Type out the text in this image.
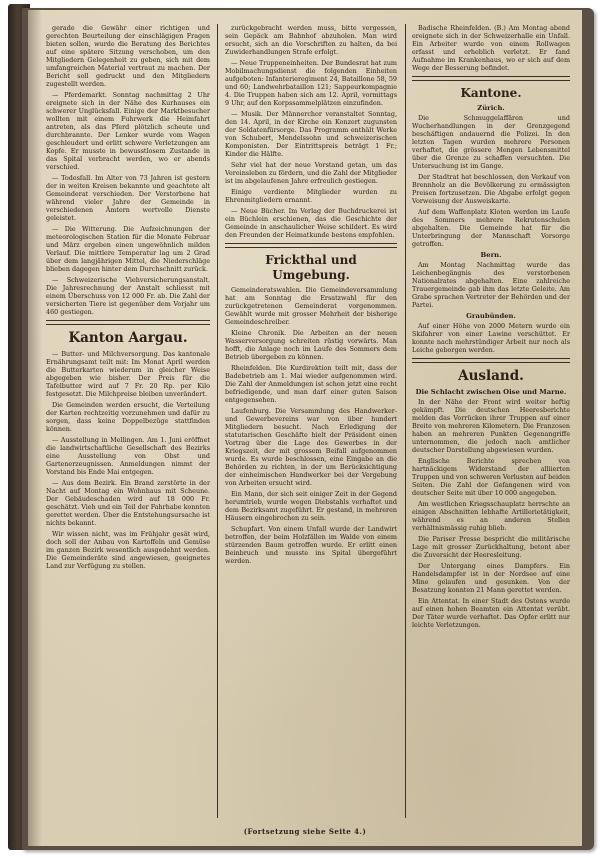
gerade die Gewähr einer richtigen und gerechten Beurteilung der einschlägigen Fragen bieten sollen, wurde die Beratung des Berichtes auf eine spätere Sitzung verschoben, um den Mitgliedern Gelegenheit zu geben, sich mit dem umfangreichen Material vertraut zu machen. Der Bericht soll gedruckt und den Mitgliedern zugestellt werden.

— Pferdemarkt. Sonntag nachmittag 2 Uhr ereignete sich in der Nähe des Kurhauses ein schwerer Unglücksfall. Einige der Marktbesucher wollten mit einem Fuhrwerk die Heimfahrt antreten, als das Pferd plötzlich scheute und durchbrannte. Der Lenker wurde vom Wagen geschleudert und erlitt schwere Verletzungen am Kopfe. Er musste in bewusstlosem Zustande in das Spital verbracht werden, wo er abends verschied.

— Todesfall. Im Alter von 73 Jahren ist gestern der in weiten Kreisen bekannte und geachtete alt Gemeinderat verschieden. Der Verstorbene hat während vieler Jahre der Gemeinde in verschiedenen Ämtern wertvolle Dienste geleistet.

— Die Witterung. Die Aufzeichnungen der meteorologischen Station für die Monate Februar und März ergeben einen ungewöhnlich milden Verlauf. Die mittlere Temperatur lag um 2 Grad über dem langjährigen Mittel, die Niederschläge blieben dagegen hinter dem Durchschnitt zurück.

— Schweizerische Viehversicherungsanstalt. Die Jahresrechnung der Anstalt schliesst mit einem Überschuss von 12 000 Fr. ab. Die Zahl der versicherten Tiere ist gegenüber dem Vorjahr um 460 gestiegen.

Kanton Aargau.

— Butter- und Milchversorgung. Das kantonale Ernährungsamt teilt mit: Im Monat April werden die Butterkarten wiederum in gleicher Weise abgegeben wie bisher. Der Preis für die Tafelbutter wird auf 7 Fr. 20 Rp. per Kilo festgesetzt. Die Milchpreise bleiben unverändert.

Die Gemeinden werden ersucht, die Verteilung der Karten rechtzeitig vorzunehmen und dafür zu sorgen, dass keine Doppelbezüge stattfinden können.

— Ausstellung in Mellingen. Am 1. Juni eröffnet die landwirtschaftliche Gesellschaft des Bezirks eine Ausstellung von Obst und Gartenerzeugnissen. Anmeldungen nimmt der Vorstand bis Ende Mai entgegen.

— Aus dem Bezirk. Ein Brand zerstörte in der Nacht auf Montag ein Wohnhaus mit Scheune. Der Gebäudeschaden wird auf 18 000 Fr. geschätzt. Vieh und ein Teil der Fahrhabe konnten gerettet werden. Über die Entstehungsursache ist nichts bekannt.

Wir wissen nicht, was im Frühjahr gesät wird, doch soll der Anbau von Kartoffeln und Gemüse im ganzen Bezirk wesentlich ausgedehnt werden. Die Gemeinderäte sind angewiesen, geeignetes Land zur Verfügung zu stellen.

zurückgebracht werden muss, bitte vergessen, sein Gepäck am Bahnhof abzuholen. Man wird ersucht, sich an die Vorschriften zu halten, da bei Zuwiderhandlungen Strafe erfolgt.

— Neue Truppeneinheiten. Der Bundesrat hat zum Mobilmachungsdienst die folgenden Einheiten aufgeboten: Infanterieregiment 24, Bataillone 58, 59 und 60; Landwehrbataillon 121; Sappeurkompagnie 4. Die Truppen haben sich am 12. April, vormittags 9 Uhr, auf den Korpssammelplätzen einzufinden.

— Musik. Der Männerchor veranstaltet Sonntag, den 14. April, in der Kirche ein Konzert zugunsten der Soldatenfürsorge. Das Programm enthält Werke von Schubert, Mendelssohn und schweizerischen Komponisten. Der Eintrittspreis beträgt 1 Fr.; Kinder die Hälfte.

Sehr viel hat der neue Vorstand getan, um das Vereinsleben zu fördern, und die Zahl der Mitglieder ist im abgelaufenen Jahre erfreulich gestiegen.

Einige verdiente Mitglieder wurden zu Ehrenmitgliedern ernannt.

— Neue Bücher. Im Verlag der Buchdruckerei ist ein Büchlein erschienen, das die Geschichte der Gemeinde in anschaulicher Weise schildert. Es wird den Freunden der Heimatkunde bestens empfohlen.

Frickthal und Umgebung.

Gemeinderatswahlen. Die Gemeindeversammlung hat am Sonntag die Ersatzwahl für den zurückgetretenen Gemeinderat vorgenommen. Gewählt wurde mit grosser Mehrheit der bisherige Gemeindeschreiber.

Kleine Chronik. Die Arbeiten an der neuen Wasserversorgung schreiten rüstig vorwärts. Man hofft, die Anlage noch im Laufe des Sommers dem Betrieb übergeben zu können.

Rheinfelden. Die Kurdirektion teilt mit, dass der Badebetrieb am 1. Mai wieder aufgenommen wird. Die Zahl der Anmeldungen ist schon jetzt eine recht befriedigende, und man darf einer guten Saison entgegensehen.

Laufenburg. Die Versammlung des Handwerker- und Gewerbevereins war von über hundert Mitgliedern besucht. Nach Erledigung der statutarischen Geschäfte hielt der Präsident einen Vortrag über die Lage des Gewerbes in der Kriegszeit, der mit grossem Beifall aufgenommen wurde. Es wurde beschlossen, eine Eingabe an die Behörden zu richten, in der um Berücksichtigung der einheimischen Handwerker bei der Vergebung von Arbeiten ersucht wird.

Ein Mann, der sich seit einiger Zeit in der Gegend herumtrieb, wurde wegen Diebstahls verhaftet und dem Bezirksamt zugeführt. Er gestand, in mehreren Häusern eingebrochen zu sein.

Schupfart. Von einem Unfall wurde der Landwirt betroffen, der beim Holzfällen im Walde von einem stürzenden Baum getroffen wurde. Er erlitt einen Beinbruch und musste ins Spital übergeführt werden.

Badische Rheinfelden. (B.) Am Montag abend ereignete sich in der Schweizerhalle ein Unfall. Ein Arbeiter wurde von einem Rollwagen erfasst und erheblich verletzt. Er fand Aufnahme im Krankenhaus, wo er sich auf dem Wege der Besserung befindet.

Kantone.
Zürich.

Die Schmuggelaffären und Wucherhandlungen in der Grenzgegend beschäftigen andauernd die Polizei. In den letzten Tagen wurden mehrere Personen verhaftet, die grössere Mengen Lebensmittel über die Grenze zu schaffen versuchten. Die Untersuchung ist im Gange.

Der Stadtrat hat beschlossen, den Verkauf von Brennholz an die Bevölkerung zu ermässigten Preisen fortzusetzen. Die Abgabe erfolgt gegen Vorweisung der Ausweiskarte.

Auf dem Waffenplatz Kloten werden im Laufe des Sommers mehrere Rekrutenschulen abgehalten. Die Gemeinde hat für die Unterbringung der Mannschaft Vorsorge getroffen.

Bern.

Am Montag Nachmittag wurde das Leichenbegängnis des verstorbenen Nationalrates abgehalten. Eine zahlreiche Trauergemeinde gab ihm das letzte Geleite. Am Grabe sprachen Vertreter der Behörden und der Partei.

Graubünden.

Auf einer Höhe von 2000 Metern wurde ein Skifahrer von einer Lawine verschüttet. Er konnte nach mehrstündiger Arbeit nur noch als Leiche geborgen werden.

Ausland.
Die Schlacht zwischen Oise und Marne.

In der Nähe der Front wird weiter heftig gekämpft. Die deutschen Heeresberichte melden das Vorrücken ihrer Truppen auf einer Breite von mehreren Kilometern. Die Franzosen haben an mehreren Punkten Gegenangriffe unternommen, die jedoch nach amtlicher deutscher Darstellung abgewiesen wurden.

Englische Berichte sprechen von hartnäckigem Widerstand der alliierten Truppen und von schweren Verlusten auf beiden Seiten. Die Zahl der Gefangenen wird von deutscher Seite mit über 10 000 angegeben.

Am westlichen Kriegsschauplatz herrschte an einigen Abschnitten lebhafte Artillerietätigkeit, während es an anderen Stellen verhältnismässig ruhig blieb.

Die Pariser Presse bespricht die militärische Lage mit grosser Zurückhaltung, betont aber die Zuversicht der Heeresleitung.

Der Untergang eines Dampfers. Ein Handelsdampfer ist in der Nordsee auf eine Mine gelaufen und gesunken. Von der Besatzung konnten 21 Mann gerettet werden.

Ein Attentat. In einer Stadt des Ostens wurde auf einen hohen Beamten ein Attentat verübt. Der Täter wurde verhaftet. Das Opfer erlitt nur leichte Verletzungen.

(Fortsetzung siehe Seite 4.)
